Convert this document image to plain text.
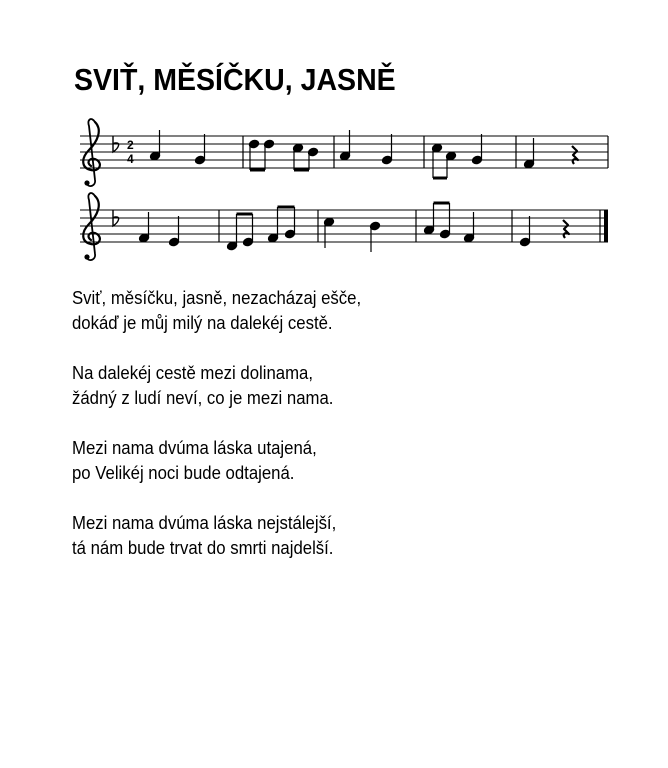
SVIŤ, MĚSÍČKU, JASNĚ
2
4
Sviť, měsíčku, jasně, nezacházaj ešče,
dokáď je můj milý na dalekéj cestě.
Na dalekéj cestě mezi dolinama,
žádný z ludí neví, co je mezi nama.
Mezi nama dvúma láska utajená,
po Velikéj noci bude odtajená.
Mezi nama dvúma láska nejstálejší,
tá nám bude trvat do smrti najdelší.
